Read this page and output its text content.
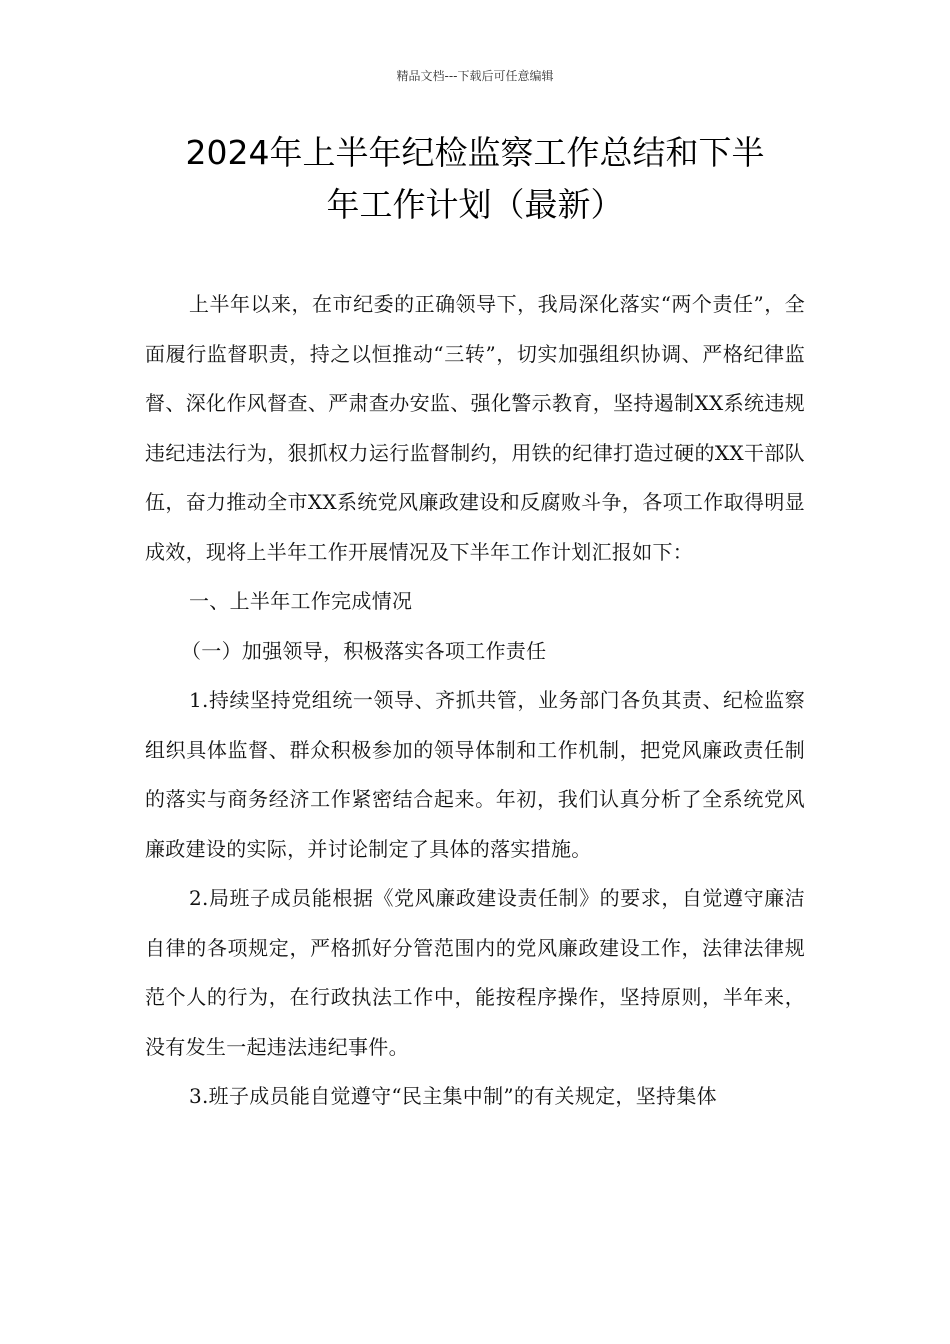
精品文档---下载后可任意编辑
2024年上半年纪检监察工作总结和下半
年工作计划（最新）

上半年以来，在市纪委的正确领导下，我局深化落实“两个责任”，全面履行监督职责，持之以恒推动“三转”，切实加强组织协调、严格纪律监督、深化作风督查、严肃查办安监、强化警示教育，坚持遏制XX系统违规违纪违法行为，狠抓权力运行监督制约，用铁的纪律打造过硬的XX干部队伍，奋力推动全市XX系统党风廉政建设和反腐败斗争，各项工作取得明显成效，现将上半年工作开展情况及下半年工作计划汇报如下：

一、上半年工作完成情况

（一）加强领导，积极落实各项工作责任

1.持续坚持党组统一领导、齐抓共管，业务部门各负其责、纪检监察组织具体监督、群众积极参加的领导体制和工作机制，把党风廉政责任制的落实与商务经济工作紧密结合起来。年初，我们认真分析了全系统党风廉政建设的实际，并讨论制定了具体的落实措施。

2.局班子成员能根据《党风廉政建设责任制》的要求，自觉遵守廉洁自律的各项规定，严格抓好分管范围内的党风廉政建设工作，法律法律规范个人的行为，在行政执法工作中，能按程序操作，坚持原则，半年来，没有发生一起违法违纪事件。

3.班子成员能自觉遵守“民主集中制”的有关规定，坚持集体
